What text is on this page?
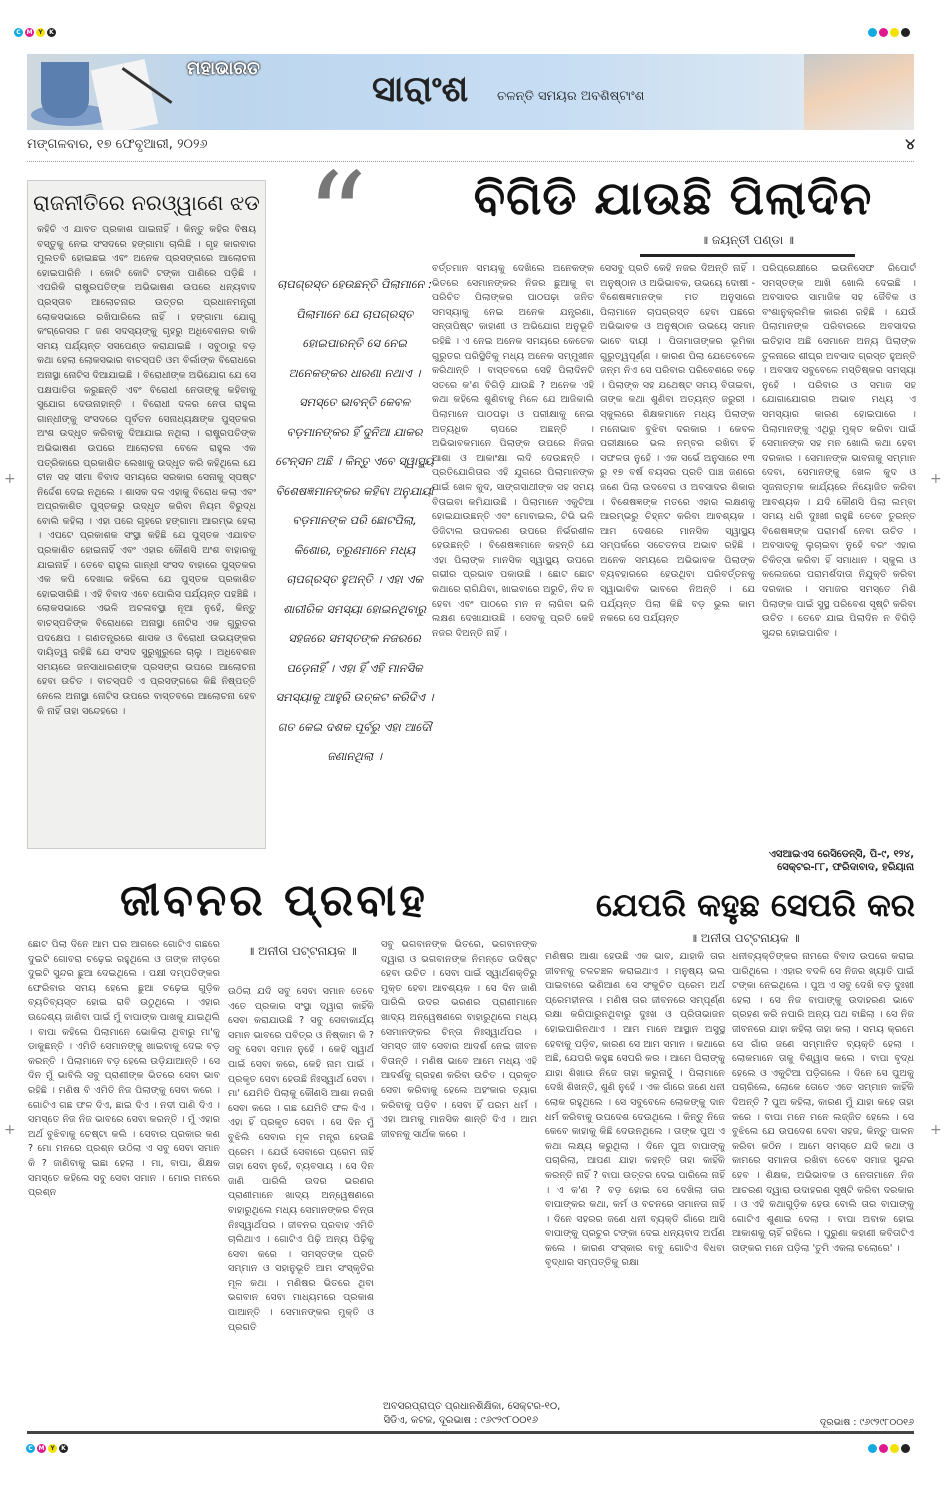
C M Y	K
C M Y	K
+	+
+	+
ମହାଭାରତ
ସାରାଂଶ ଚଳନ୍ତି ସମୟର ଅବଶିଷ୍ଟାଂଶ
ମଙ୍ଗଳବାର, ୧୭ ଫେବୃଆରୀ, ୨୦୨୬	୪
ରାଜନୀତିରେ ନରଓ୍ୱାଣେ ଝଡ
କହିଚି ଏ ଯାବତ ପ୍ରକାଶ ପାଇନାହିଁ । କିନ୍ତୁ କହିର ବିଷୟ ବସ୍ତୁକୁ ନେଇ ସଂସଦରେ ହଙ୍ଗାମା ଚାଲିଛି । ଗୃହ କାରବାର ମୁଲତବି ହୋଇଛଇ ଏବଂ ଅନେକ ପ୍ରସଙ୍ଗରେ ଆଲୋଚନା ହୋଇପାରିନି । କୋଟି କୋଟି ଟଙ୍କା ପାଣିରେ ପଡ଼ିଛି । ଏପରିକି ରାଷ୍ଟ୍ରପତିଙ୍କ ଅଭିଭାଷଣ ଉପରେ ଧନ୍ୟବାଦ ପ୍ରସ୍ତାବ ଆଲୋଚନାର ଉତ୍ତର ପ୍ରଧାନମନ୍ତ୍ରୀ ଲୋକସଭାରେ ରଖିପାରିଲେ ନାହିଁ । ହଙ୍ଗାମା ଯୋଗୁ କଂଗ୍ରେସର ୮ ଜଣ ସଦସ୍ୟଙ୍କୁ ଗୃହରୁ ଅଧିବେଶନର ବାକି ସମୟ ପର୍ଯ୍ୟନ୍ତ ସସପେଣ୍ଡ କରାଯାଇଛି । ସବୁଠାରୁ ବଡ଼ କଥା ହେଲା ଲୋକସଭାର ବାଚସ୍ପତି ଓମ ବିର୍ଲାଙ୍କ ବିରୋଧରେ ଅନାସ୍ଥା ନୋଟିସ ଦିଆଯାଇଛି । ବିରୋଧୀଙ୍କ ଅଭିଯୋଗ ଯେ ସେ ପକ୍ଷପାତିତା କରୁଛନ୍ତି ଏବଂ ବିରୋଧୀ ନେତାଙ୍କୁ କହିବାକୁ ସୁଯୋଗ ଦେଉନାହାନ୍ତି । ବିରୋଧୀ ଦଳର ନେତା ରାହୁଲ ଗାନ୍ଧୀଙ୍କୁ ସଂସଦରେ ପୂର୍ବତନ ସେନାଧ୍ୟକ୍ଷଙ୍କ ପୁସ୍ତକର ଅଂଶ ଉଦ୍ଧୃତ କରିବାକୁ ଦିଆଯାଇ ନଥିଲା । ରାଷ୍ଟ୍ରପତିଙ୍କ ଅଭିଭାଷଣ ଉପରେ ଆଲୋଚନା ବେଳେ ରାହୁଲ ଏକ ପତ୍ରିକାରେ ପ୍ରକାଶିତ ଲେଖାକୁ ଉଦ୍ଧୃତ କରି କହିଥିଲେ ଯେ ଚୀନ ସହ ସୀମା ବିବାଦ ସମୟରେ ସରକାର ସେନାକୁ ସ୍ପଷ୍ଟ ନିର୍ଦ୍ଦେଶ ଦେଇ ନଥିଲେ । ଶାସକ ଦଳ ଏହାକୁ ବିରୋଧ କଲା ଏବଂ ଅପ୍ରକାଶିତ ପୁସ୍ତକରୁ ଉଦ୍ଧୃତ କରିବା ନିୟମ ବିରୁଦ୍ଧ ବୋଲି କହିଲା । ଏହା ପରେ ଗୃହରେ ହଙ୍ଗାମା ଆରମ୍ଭ ହେଲା । ଏପଟେ ପ୍ରକାଶକ ସଂସ୍ଥା କହିଛି ଯେ ପୁସ୍ତକ ଏଯାବତ ପ୍ରକାଶିତ ହୋଇନାହିଁ ଏବଂ ଏହାର କୌଣସି ଅଂଶ ବାହାରକୁ ଯାଇନାହିଁ । ତେବେ ରାହୁଲ ଗାନ୍ଧୀ ସଂସଦ ବାହାରେ ପୁସ୍ତକର ଏକ କପି ଦେଖାଇ କହିଲେ ଯେ ପୁସ୍ତକ ପ୍ରକାଶିତ ହୋଇସାରିଛି । ଏହି ବିବାଦ ଏବେ ପୋଲିସ ପର୍ଯ୍ୟନ୍ତ ପହଞ୍ଚିଛି । ଲୋକସଭାରେ ଏଭଳି ଅଚଳାବସ୍ଥା ନୂଆ ନୁହେଁ, କିନ୍ତୁ ବାଚସ୍ପତିଙ୍କ ବିରୋଧରେ ଅନାସ୍ଥା ନୋଟିସ ଏକ ଗୁରୁତର ପଦକ୍ଷେପ । ଗଣତନ୍ତ୍ରରେ ଶାସକ ଓ ବିରୋଧୀ ଉଭୟଙ୍କର ଦାୟିତ୍ୱ ରହିଛି ଯେ ସଂସଦ ସୁରୁଖୁରୁରେ ଚାଲୁ । ଅଧିବେଶନ ସମୟରେ ଜନସାଧାରଣଙ୍କ ପ୍ରସଙ୍ଗ ଉପରେ ଆଲୋଚନା ହେବା ଉଚିତ । ବାଚସ୍ପତି ଏ ପ୍ରସଙ୍ଗରେ କିଛି ନିଷ୍ପତ୍ତି ନେଲେ ଅନାସ୍ଥା ନୋଟିସ ଉପରେ ବାସ୍ତବରେ ଆଲୋଚନା ହେବ କି ନାହିଁ ତାହା ସନ୍ଦେହରେ ।
“
ଚାପଗ୍ରସ୍ତ ହେଉଛନ୍ତି ପିଲାମାନେ : ପିଲାମାନେ ଯେ ଚାପଗ୍ରସ୍ତ ହୋଇପାରନ୍ତି ସେ ନେଇ ଅନେକଙ୍କର ଧାରଣା ନଥାଏ । ସମସ୍ତେ ଭାବନ୍ତି କେବଳ ବଡ଼ମାନଙ୍କର ହିଁ ଦୁନିଆ ଯାକର ଟେନ୍‌ସନ ଅଛି । କିନ୍ତୁ ଏବେ ସ୍ୱାସ୍ଥ୍ୟ ବିଶେଷଜ୍ଞମାନଙ୍କର କହିବା ଅନୁଯାୟୀ ବଡ଼ମାନଙ୍କ ପରି ଛୋଟପିଲା, କିଶୋର, ତରୁଣମାନେ ମଧ୍ୟ ଚାପଗ୍ରସ୍ତ ହୁଅନ୍ତି । ଏହା ଏକ ଶାରୀରିକ ସମସ୍ୟା ହୋଇନଥିବାରୁ ସହଜରେ ସମସ୍ତଙ୍କ ନଜରରେ ପଡ଼େନାହିଁ । ଏହା ହିଁ ଏହି ମାନସିକ ସମସ୍ୟାକୁ ଆହୁରି ଉତ୍କଟ କରିଦିଏ । ଗତ କେଇ ଦଶକ ପୂର୍ବରୁ ଏହା ଆଦୌ ଜଣାନଥିଲା ।
ବିଗିଡି ଯାଉଛି ପିଲାଦିନ
॥ ଜୟନ୍ତୀ ପଣ୍ଡା ॥
ବର୍ତ୍ତମାନ ସମୟକୁ ଦେଖିଲେ ଅନେକଙ୍କ ଭିତରେ ସେମାନଙ୍କର ନିଜର ଛୁଆକୁ ବା ପରିଚିତ ପିଲାଙ୍କର ପାଠପଢ଼ା ଜନିତ ସମସ୍ୟାକୁ ନେଇ ଅନେକ ଯନ୍ତ୍ରଣା, ସନ୍ତାପିଷ୍ଟ କାହାଣୀ ଓ ଅଭିଯୋଗ ଅନୁଭୂତି ରହିଛି । ଏ ନେଇ ଅନେକ ସମୟରେ କେତେକ ଗୁରୁତର ପରିସ୍ଥିତିକୁ ମଧ୍ୟ ଅନେକ ସମ୍ମୁଖୀନ କରିଥାନ୍ତି । ବାସ୍ତବରେ ସେହି ପିଲାଦିନଟି ସତରେ କ'ଣ ବିଗିଡ଼ି ଯାଉଛି ? ଅନେକ ଏହି କଥା କହିଲେ ଶୁଣିବାକୁ ମିଳେ ଯେ ଆଜିକାଲି ପିଲାମାନେ ପାଠପଢ଼ା ଓ ପରୀକ୍ଷାକୁ ନେଇ ଅତ୍ୟଧିକ ଚାପରେ ଅଛନ୍ତି । ଅଭିଭାବକମାନେ ପିଲାଙ୍କ ଉପରେ ନିଜର ଆଶା ଓ ଆକାଂକ୍ଷା ଲଦି ଦେଉଛନ୍ତି । ପ୍ରତିଯୋଗିତାର ଏହି ଯୁଗରେ ପିଲାମାନଙ୍କ ପାଇଁ ଖେଳ କୁଦ, ସାଙ୍ଗସାଥୀଙ୍କ ସହ ସମୟ ବିତାଇବା କମିଯାଉଛି । ପିଲାମାନେ ଏକୁଟିଆ ହୋଇଯାଉଛନ୍ତି ଏବଂ ମୋବାଇଲ, ଟିଭି ଭଳି ଡିଜିଟାଲ ଉପକରଣ ଉପରେ ନିର୍ଭରଶୀଳ ହେଉଛନ୍ତି । ବିଶେଷଜ୍ଞମାନେ କହନ୍ତି ଯେ ଏହା ପିଲାଙ୍କ ମାନସିକ ସ୍ୱାସ୍ଥ୍ୟ ଉପରେ ଗଭୀର ପ୍ରଭାବ ପକାଉଛି । ଛୋଟ ଛୋଟ କଥାରେ ରାଗିଯିବା, ଖାଇବାରେ ଅରୁଚି, ନିଦ ନ ହେବା ଏବଂ ପାଠରେ ମନ ନ ଲାଗିବା ଭଳି ଲକ୍ଷଣ ଦେଖାଯାଉଛି । ସେବକୁ ପ୍ରତି କେହି ନଜର ଦିଅନ୍ତି ନାହିଁ ।
ସେସବୁ ପ୍ରତି କେହି ନଜର ଦିଅନ୍ତି ନାହିଁ । ଅନୁଷ୍ଠାନ ଓ ଅଭିଭାବକ, ଉଭୟେ ଦୋଷୀ - ବିଶେଷଜ୍ଞମାନଙ୍କ ମତ ଅନୁସାରେ ପିଲାମାନେ ଚାପଗ୍ରସ୍ତ ହେବା ପଛରେ ଅଭିଭାବକ ଓ ଅନୁଷ୍ଠାନ ଉଭୟେ ସମାନ ଭାବେ ଦାୟୀ । ପିତାମାତାଙ୍କର ଭୂମିକା ଗୁରୁତ୍ୱପୂର୍ଣ୍ଣ । କାରଣ ପିଲା ଯେତେବେଳେ ଜନ୍ମ ନିଏ ସେ ପରିବାର ପରିବେଶରେ ବଢ଼େ । ପିଲାଙ୍କ ସହ ଯଥେଷ୍ଟ ସମୟ ବିତାଇବା, ତାଙ୍କ କଥା ଶୁଣିବା ଅତ୍ୟନ୍ତ ଜରୁରୀ । ସ୍କୁଲରେ ଶିକ୍ଷକମାନେ ମଧ୍ୟ ପିଲାଙ୍କ ମନୋଭାବ ବୁଝିବା ଦରକାର । କେବଳ ପରୀକ୍ଷାରେ ଭଲ ନମ୍ବର ରଖିବା ହିଁ ସଫଳତା ନୁହେଁ । ଏକ ସର୍ଭେ ଅନୁସାରେ ୧୩ ରୁ ୧୭ ବର୍ଷ ବୟସର ପ୍ରତି ପାଞ୍ଚ ଜଣରେ ଜଣେ ପିଲା ଉଦବେଗ ଓ ଅବସାଦର ଶିକାର । ବିଶେଷଜ୍ଞଙ୍କ ମତରେ ଏହାର ଲକ୍ଷଣକୁ ଆରମ୍ଭରୁ ଚିହ୍ନଟ କରିବା ଆବଶ୍ୟକ । ଆମ ଦେଶରେ ମାନସିକ ସ୍ୱାସ୍ଥ୍ୟ ସମ୍ପର୍କରେ ସଚେତନତା ଅଭାବ ରହିଛି । ଅନେକ ସମୟରେ ଅଭିଭାବକ ପିଲାଙ୍କ ବ୍ୟବହାରରେ ହେଉଥିବା ପରିବର୍ତ୍ତନକୁ ସ୍ୱାଭାବିକ ଭାବରେ ନିଅନ୍ତି । ଯେ ପର୍ଯ୍ୟନ୍ତ ପିଲା କିଛି ବଡ଼ ଭୁଲ କାମ ନକରେ ସେ ପର୍ଯ୍ୟନ୍ତ
ପରିପ୍ରେକ୍ଷୀରେ ଇଉନିସେଫ ରିପୋର୍ଟ ସମସ୍ତଙ୍କ ଆଖି ଖୋଲି ଦେଇଛି । ଅବସାଦର ସାମାଜିକ ସହ ଜୈବିକ ଓ ବଂଶାନୁକ୍ରମିକ କାରଣ ରହିଛି । ଯେଉଁ ପିଲାମାନଙ୍କ ପରିବାରରେ ଅବସାଦର ଇତିହାସ ଅଛି ସେମାନେ ଅନ୍ୟ ପିଲାଙ୍କ ତୁଳନାରେ ଶୀଘ୍ର ଅବସାଦ ଗ୍ରସ୍ତ ହୁଅନ୍ତି । ଅବସାଦ ସବୁବେଳେ ମସ୍ତିଷ୍କର ସମସ୍ୟା ନୁହେଁ । ପରିବାର ଓ ସମାଜ ସହ ଯୋଗାଯୋଗର ଅଭାବ ମଧ୍ୟ ଏ ସମସ୍ୟାର କାରଣ ହୋଇପାରେ । ପିଲାମାନଙ୍କୁ ଏଥିରୁ ମୁକ୍ତ କରିବା ପାଇଁ ସେମାନଙ୍କ ସହ ମନ ଖୋଲି କଥା ହେବା ଦରକାର । ସେମାନଙ୍କ ଭାବନାକୁ ସମ୍ମାନ ଦେବା, ସେମାନଙ୍କୁ ଖେଳ କୁଦ ଓ ସୃଜନାତ୍ମକ କାର୍ଯ୍ୟରେ ନିୟୋଜିତ କରିବା ଆବଶ୍ୟକ । ଯଦି କୌଣସି ପିଲା ଲମ୍ବା ସମୟ ଧରି ଦୁଃଖୀ ରହୁଛି ତେବେ ତୁରନ୍ତ ବିଶେଷଜ୍ଞଙ୍କ ପରାମର୍ଶ ନେବା ଉଚିତ । ଅବସାଦକୁ ଲୁଚାଇବା ନୁହେଁ ବରଂ ଏହାର ଚିକିତ୍ସା କରିବା ହିଁ ସମାଧାନ । ସ୍କୁଲ ଓ କଲେଜରେ ପରାମର୍ଶଦାତା ନିଯୁକ୍ତି କରିବା ଦରକାର । ସମାଜର ସମସ୍ତେ ମିଶି ପିଲାଙ୍କ ପାଇଁ ସୁସ୍ଥ ପରିବେଶ ସୃଷ୍ଟି କରିବା ଉଚିତ । ତେବେ ଯାଇ ପିଲାଦିନ ନ ବିଗିଡ଼ି ସୁନ୍ଦର ହୋଇପାରିବ ।
ଏସଆଇଏସ ରେସିଡେନ୍ସି, ପି-୯, ୧୨୪,
ସେକ୍ଟର-୮୮, ଫରିଦାବାଦ, ହରିୟାନା
ଜୀବନର ପ୍ରବାହ
॥ ଅନୀତା ପଟ୍ଟନାୟକ ॥
ଛୋଟ ପିଲା ଦିନେ ଆମ ଘର ଆଗରେ ଗୋଟିଏ ଗଛରେ ଦୁଇଟି ଗୋବରା ଚଢ଼େଇ ରହୁଥିଲେ ଓ ତାଙ୍କ ନୀଡ଼ରେ ଦୁଇଟି ସୁନ୍ଦର ଛୁଆ ଦେଇଥିଲେ । ପକ୍ଷୀ ଦମ୍ପତିଙ୍କର ଫେରିବାର ସମୟ ହେଲେ ଛୁଆ ଚଢ଼େଇ ଗୁଡ଼ିକ ବ୍ୟତିବ୍ୟସ୍ତ ହୋଇ ରାବି ଉଠୁଥିଲେ । ଏହାର ଉଦ୍ଦେଶ୍ୟ ଜାଣିବା ପାଇଁ ମୁଁ ବାପାଙ୍କ ପାଖକୁ ଯାଇଥିଲି । ବାପା କହିଲେ ପିଲାମାନେ ଭୋକିଲା ଥିବାରୁ ମା'କୁ ଡାକୁଛନ୍ତି । ଏମିତି ସେମାନଙ୍କୁ ଖାଇବାକୁ ଦେଇ ବଡ଼ କରନ୍ତି । ପିଲାମାନେ ବଡ଼ ହେଲେ ଉଡ଼ିଯାଆନ୍ତି । ସେ ଦିନ ମୁଁ ଭାବିଲି ସବୁ ପ୍ରାଣୀଙ୍କ ଭିତରେ ସେବା ଭାବ ରହିଛି । ମଣିଷ ବି ଏମିତି ନିଜ ପିଲାଙ୍କୁ ସେବା କରେ । ଗୋଟିଏ ଗଛ ଫଳ ଦିଏ, ଛାଇ ଦିଏ । ନଦୀ ପାଣି ଦିଏ । ସମସ୍ତେ ନିଜ ନିଜ ଭାବରେ ସେବା କରନ୍ତି । ମୁଁ ଏହାର ଅର୍ଥ ବୁଝିବାକୁ ଚେଷ୍ଟା କଲି । ସେବାର ପ୍ରକାର କଣ ? ମୋ ମନରେ ପ୍ରଶ୍ନ ଉଠିଲା ଏ ସବୁ ସେବା ସମାନ କି ? ଜାଣିବାକୁ ଇଛା ହେଲା । ମା, ବାପା, ଶିକ୍ଷକ ସମସ୍ତେ କହିଲେ ସବୁ ସେବା ସମାନ । ମୋର ମନରେ ପ୍ରଶ୍ନ
ଉଠିଲା ଯଦି ସବୁ ସେବା ସମାନ ତେବେ ଏତେ ପ୍ରକାର ସଂସ୍ଥା ଦ୍ୱାରା କାହିଁକି ସେବା କରାଯାଉଛି ? ସବୁ ସେବାକାର୍ଯ୍ୟ ସମାନ ଭାବରେ ପବିତ୍ର ଓ ନିଷ୍କାମ କି ? ସବୁ ସେବା ସମାନ ନୁହେଁ । କେହି ସ୍ୱାର୍ଥ ପାଇଁ ସେବା କରେ, କେହି ନାମ ପାଇଁ । ପ୍ରକୃତ ସେବା ହେଉଛି ନିଃସ୍ୱାର୍ଥ ସେବା । ମା' ଯେମିତି ପିଲାକୁ କୌଣସି ଆଶା ନରଖି ସେବା କରେ । ଗଛ ଯେମିତି ଫଳ ଦିଏ । ଏହା ହିଁ ପ୍ରକୃତ ସେବା । ସେ ଦିନ ମୁଁ ବୁଝିଲି ସେବାର ମୂଳ ମନ୍ତ୍ର ହେଉଛି ପ୍ରେମ । ଯେଉଁ ସେବାରେ ପ୍ରେମ ନାହିଁ ତାହା ସେବା ନୁହେଁ, ବ୍ୟବସାୟ । ସେ ଦିନ ଜାଣି ପାରିଲି ଉଦର ଭରଣର ପ୍ରାଣୀମାନେ ଖାଦ୍ୟ ଅନ୍ୱେଷଣରେ ବାହାରୁଥିଲେ ମଧ୍ୟ ସେମାନଙ୍କର ଚିନ୍ତା ନିଃସ୍ୱାର୍ଥପର । ଜୀବନର ପ୍ରବାହ ଏମିତି ଚାଲିଥାଏ । ଗୋଟିଏ ପିଢ଼ି ଅନ୍ୟ ପିଢ଼ିକୁ ସେବା କରେ । ସମସ୍ତଙ୍କ ପ୍ରତି ସମ୍ମାନ ଓ ସହାନୁଭୂତି ଆମ ସଂସ୍କୃତିର ମୂଳ କଥା । ମଣିଷର ଭିତରେ ଥିବା ଭଗବାନ ସେବା ମାଧ୍ୟମରେ ପ୍ରକାଶ ପାଆନ୍ତି । ସେମାନଙ୍କର ମୁକ୍ତି ଓ ପ୍ରଗତି
ସବୁ ଭଗବାନଙ୍କ ଭିତରେ, ଭଗବାନଙ୍କ ଦ୍ୱାରା ଓ ଭଗବାନଙ୍କ ନିମନ୍ତେ ଉଦିଷ୍ଟ ହେବା ଉଚିତ । ସେବା ପାଇଁ ସ୍ୱାର୍ଥଶକ୍ତିରୁ ମୁକ୍ତ ହେବା ଆବଶ୍ୟକ । ସେ ଦିନ ଜାଣି ପାରିଲି ଉଦର ଭରଣର ପ୍ରାଣୀମାନେ ଖାଦ୍ୟ ଅନ୍ୱେଷଣରେ ବାହାରୁଥିଲେ ମଧ୍ୟ ସେମାନଙ୍କର ଚିନ୍ତା ନିଃସ୍ୱାର୍ଥପର । ସମସ୍ତ ଜୀବ ସେବାର ଆଦର୍ଶ ନେଇ ଜୀବନ ବିତାନ୍ତି । ମଣିଷ ଭାବେ ଆମେ ମଧ୍ୟ ଏହି ଆଦର୍ଶକୁ ଗ୍ରହଣ କରିବା ଉଚିତ । ପ୍ରକୃତ ସେବା କରିବାକୁ ହେଲେ ଅହଂକାର ତ୍ୟାଗ କରିବାକୁ ପଡ଼ିବ । ସେବା ହିଁ ପରମ ଧର୍ମ । ଏହା ଆମକୁ ମାନସିକ ଶାନ୍ତି ଦିଏ । ଆମ ଜୀବନକୁ ସାର୍ଥକ କରେ ।
ଅବସରପ୍ରାପ୍ତ ପ୍ରଧାନଶିକ୍ଷିକା, ସେକ୍ଟର-୧୦,
ସିଡିଏ, କଟକ, ଦୂରଭାଷ : ୯୬୯୨୯୮୦୦୧୬
ଯେପରି କହୁଛ ସେପରି କର
॥ ଅନୀତା ପଟ୍ଟନାୟକ ॥
ମଣିଷର ଆଶା ହେଉଛି ଏକ ଭାବ, ଯାହାକି ତାର ଜୀବନକୁ ଚଳଚଞ୍ଚଳ କରାଇଥାଏ । ମନୁଷ୍ୟ ଭଲ ପାଇବାରେ ଭଣିଆଣ ସେ ସଂକୁଚିତ ପ୍ରେମ ଅର୍ଥ ପ୍ରେମହୀନତା । ମଣିଷ ତାର ଜୀବନରେ ସମ୍ପୂର୍ଣ୍ଣ ରକ୍ଷା କରିପାରୁନଥିବାରୁ ଦୁଃଖ ଓ ପ୍ରିତାଭାଜନ ହୋଇପାରିନଥାଏ । ଆମ ମାନେ ଆସ୍ଥାନ ଅସୁସ୍ଥ ହେବାକୁ ପଡ଼ିବ, କାରଣ ସେ ଆମ ସମାନ । କଥାରେ ଅଛି, ଯେପରି କହୁଛ ସେପରି କର । ଆମେ ପିଲାଙ୍କୁ ଯାହା ଶିଖାଉ ନିଜେ ତାହା କରୁନାହୁଁ । ପିଲାମାନେ ଦେଖି ଶିଖନ୍ତି, ଶୁଣି ନୁହେଁ । ଏକ ଗାଁରେ ଜଣେ ଧନୀ ଲୋକ ରହୁଥିଲେ । ସେ ସବୁବେଳେ ଲୋକଙ୍କୁ ଦାନ ଧର୍ମ କରିବାକୁ ଉପଦେଶ ଦେଉଥିଲେ । କିନ୍ତୁ ନିଜେ କେବେ କାହାକୁ କିଛି ଦେଉନଥିଲେ । ତାଙ୍କ ପୁଅ ଏ କଥା ଲକ୍ଷ୍ୟ କରୁଥିଲା । ଦିନେ ପୁଅ ବାପାଙ୍କୁ ପଚାରିଲା, ଆପଣ ଯାହା କହନ୍ତି ତାହା କାହିଁକି କରନ୍ତି ନାହିଁ ? ବାପା ଉତ୍ତର ଦେଇ ପାରିଲେ ନାହିଁ । ଏ କ'ଣ ? ବଡ଼ ହୋଇ ସେ ଦେଖିଲା ତାର ବାପାଙ୍କର କଥା, କର୍ମ ଓ ବଚନରେ ସମାନତା ନାହିଁ । ଦିନେ ସହରର ଜଣେ ଧନୀ ବ୍ୟକ୍ତି ଗାଁରେ ଆସି ବାପାଙ୍କୁ ପ୍ରଚୁର ଟଙ୍କା ଦେଇ ଧନ୍ୟବାଦ ଅର୍ପଣ କଲେ । କାରଣ ସଂସ୍କାର ବାବୁ ଗୋଟିଏ ବିଧବା ବୃଦ୍ଧାର ସମ୍ପତ୍ତିକୁ ରକ୍ଷା
ଧନୀବ୍ୟକ୍ତିଙ୍କର ନାମରେ ବିବାଦ ଉପରେ କରାଇ ପାରିଥିଲେ । ଏହାର ବଦଳି ସେ ନିଜର ଖ୍ୟାତି ପାଇଁ ଟଙ୍କା ନେଇଥିଲେ । ପୁଅ ଏ ସବୁ ଦେଖି ବଡ଼ ଦୁଃଖୀ ହେଲା । ସେ ନିଜ ବାପାଙ୍କୁ ଉଦାହରଣ ଭାବେ ଗ୍ରହଣ କରି ନପାରି ଅନ୍ୟ ପଥ ବାଛିଲା । ସେ ନିଜ ଜୀବନରେ ଯାହା କହିଲା ତାହା କଲା । ସମୟ କ୍ରମେ ସେ ଗାଁର ଜଣେ ସମ୍ମାନିତ ବ୍ୟକ୍ତି ହେଲା । ଲୋକମାନେ ତାକୁ ବିଶ୍ୱାସ କଲେ । ବାପା ବୃଦ୍ଧ ହେଲେ ଓ ଏକୁଟିଆ ପଡ଼ିଗଲେ । ଦିନେ ସେ ପୁଅକୁ ପଚାରିଲେ, ଲୋକେ ତୋତେ ଏତେ ସମ୍ମାନ କାହିଁକି ଦିଅନ୍ତି ? ପୁଅ କହିଲା, କାରଣ ମୁଁ ଯାହା କହେ ତାହା କରେ । ବାପା ମନେ ମନେ ଲଜ୍ଜିତ ହେଲେ । ସେ ବୁଝିଲେ ଯେ ଉପଦେଶ ଦେବା ସହଜ, କିନ୍ତୁ ପାଳନ କରିବା କଠିନ । ଆମେ ସମସ୍ତେ ଯଦି କଥା ଓ କାମରେ ସମାନତା ରଖିବା ତେବେ ସମାଜ ସୁନ୍ଦର ହେବ । ଶିକ୍ଷକ, ଅଭିଭାବକ ଓ ନେତାମାନେ ନିଜ ଆଚରଣ ଦ୍ୱାରା ଉଦାହରଣ ସୃଷ୍ଟି କରିବା ଦରକାର । ଓ ଏହି କଥାଗୁଡ଼ିକ ହେଉ ବୋଲି ତାର ବାପାଙ୍କୁ ଗୋଟିଏ ଶୁଣାଇ ଦେଲା । ବାପା ଅବାକ ହୋଇ ଆକାଶକୁ ଚାହିଁ ରହିଲେ । ପୁରୁଣା କହାଣୀ କବିତାଟିଏ ତାଙ୍କର ମନେ ପଡ଼ିଲା 'ତୁମି ଏକଲା ଚଲୋରେ' ।
ଦୂରଭାଷ : ୯୬୯୨୯୮୦୦୧୬
